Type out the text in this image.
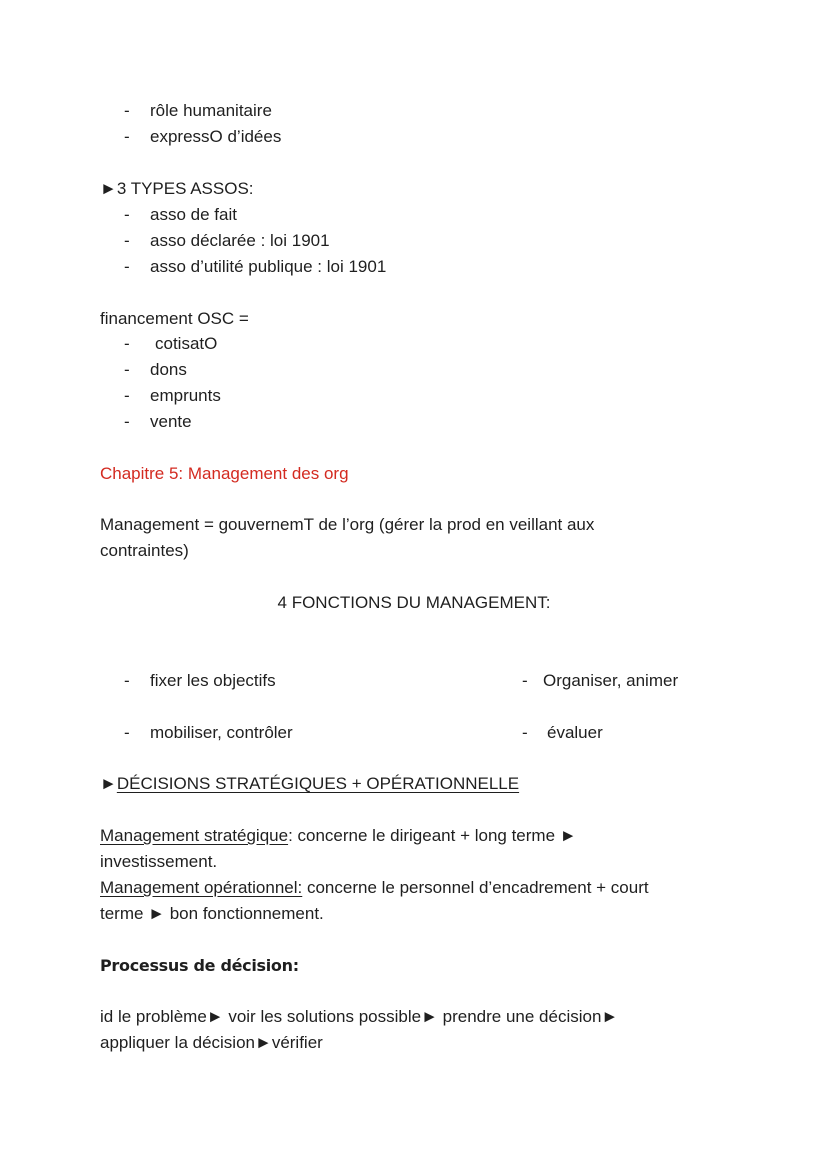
- rôle humanitaire
- expressO d’idées
►3 TYPES ASSOS:
- asso de fait
- asso déclarée : loi 1901
- asso d’utilité publique : loi 1901
financement OSC =
- cotisatO
- dons
- emprunts
- vente
Chapitre 5: Management des org
Management = gouvernemT de l’org (gérer la prod en veillant aux
contraintes)
4 FONCTIONS DU MANAGEMENT:
- fixer les objectifs	- Organiser, animer
- mobiliser, contrôler	- évaluer
►DÉCISIONS STRATÉGIQUES + OPÉRATIONNELLE
Management stratégique: concerne le dirigeant + long terme ►
investissement.
Management opérationnel: concerne le personnel d’encadrement + court
terme ► bon fonctionnement.
Processus de décision:
id le problème► voir les solutions possible► prendre une décision►
appliquer la décision►vérifier
